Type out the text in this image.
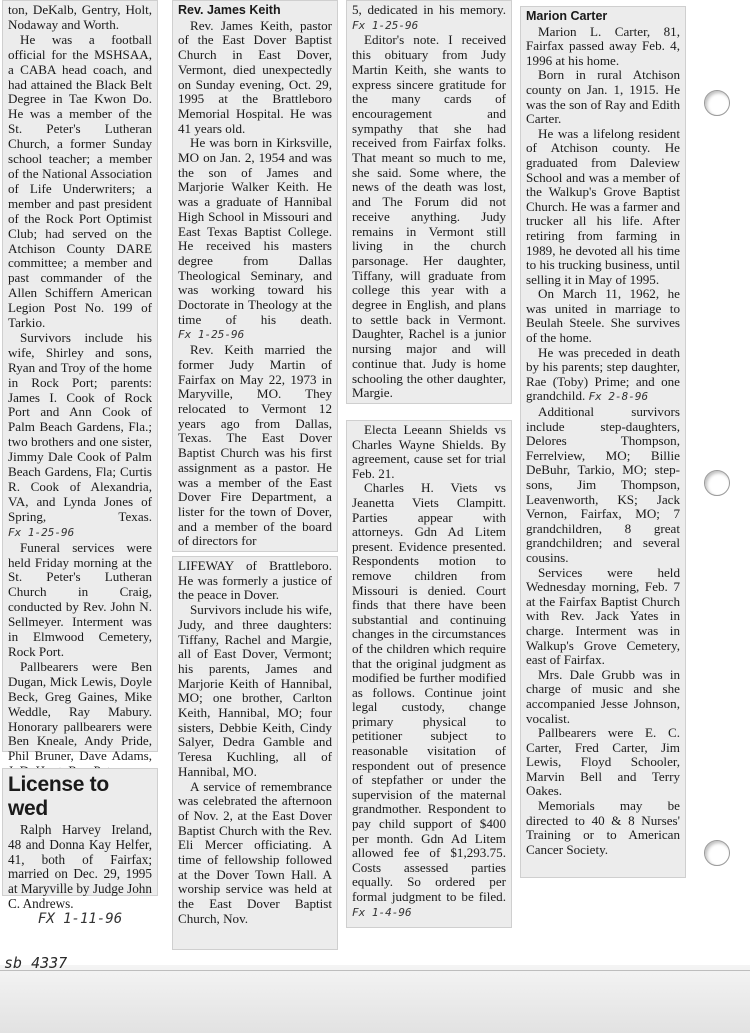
ton, DeKalb, Gentry, Holt, Nodaway and Worth.

He was a football official for the MSHSAA, a CABA head coach, and had attained the Black Belt Degree in Tae Kwon Do. He was a member of the St. Peter's Lutheran Church, a former Sunday school teacher; a member of the National Association of Life Underwriters; a member and past president of the Rock Port Optimist Club; had served on the Atchison County DARE committee; a member and past commander of the Allen Schiffern American Legion Post No. 199 of Tarkio.

Survivors include his wife, Shirley and sons, Ryan and Troy of the home in Rock Port; parents: James I. Cook of Rock Port and Ann Cook of Palm Beach Gardens, Fla.; two brothers and one sister, Jimmy Dale Cook of Palm Beach Gardens, Fla; Curtis R. Cook of Alexandria, VA, and Lynda Jones of Spring, Texas. Fx 1-25-96

Funeral services were held Friday morning at the St. Peter's Lutheran Church in Craig, conducted by Rev. John N. Sellmeyer. Interment was in Elmwood Cemetery, Rock Port.

Pallbearers were Ben Dugan, Mick Lewis, Doyle Beck, Greg Gaines, Mike Weddle, Ray Mabury. Honorary pallbearers were Ben Kneale, Andy Pride, Phil Bruner, Dave Adams,

License to wed

Ralph Harvey Ireland, 48 and Donna Kay Helfer, 41, both of Fairfax; married on Dec. 29, 1995 at Maryville by Judge John C. Andrews.

FX 1-11-96

Rev. James Keith

Rev. James Keith, pastor of the East Dover Baptist Church in East Dover, Vermont, died unexpectedly on Sunday evening, Oct. 29, 1995 at the Brattleboro Memorial Hospital. He was 41 years old.

He was born in Kirksville, MO on Jan. 2, 1954 and was the son of James and Marjorie Walker Keith. He was a graduate of Hannibal High School in Missouri and East Texas Baptist College. He received his masters degree from Dallas Theological Seminary, and was working toward his Doctorate in Theology at the time of his death. Fx 1-25-96

Rev. Keith married the former Judy Martin of Fairfax on May 22, 1973 in Maryville, MO. They relocated to Vermont 12 years ago from Dallas, Texas. The East Dover Baptist Church was his first assignment as a pastor. He was a member of the East Dover Fire Department, a lister for the town of Dover, and a member of the board of directors for

LIFEWAY of Brattleboro. He was formerly a justice of the peace in Dover.

Survivors include his wife, Judy, and three daughters: Tiffany, Rachel and Margie, all of East Dover, Vermont; his parents, James and Marjorie Keith of Hannibal, MO; one brother, Carlton Keith, Hannibal, MO; four sisters, Debbie Keith, Cindy Salyer, Dedra Gamble and Teresa Kuchling, all of Hannibal, MO.

A service of remembrance was celebrated the afternoon of Nov. 2, at the East Dover Baptist Church with the Rev. Eli Mercer officiating. A time of fellowship followed at the Dover Town Hall. A worship service was held at the East Dover Baptist Church, Nov.

5, dedicated in his memory. Fx 1-25-96

Editor's note. I received this obituary from Judy Martin Keith, she wants to express sincere gratitude for the many cards of encouragement and sympathy that she had received from Fairfax folks. That meant so much to me, she said. Some where, the news of the death was lost, and The Forum did not receive anything. Judy remains in Vermont still living in the church parsonage. Her daughter, Tiffany, will graduate from college this year with a degree in English, and plans to settle back in Vermont. Daughter, Rachel is a junior nursing major and will continue that. Judy is home schooling the other daughter, Margie.

Electa Leeann Shields vs Charles Wayne Shields. By agreement, cause set for trial Feb. 21.

Charles H. Viets vs Jeanetta Viets Clampitt. Parties appear with attorneys. Gdn Ad Litem present. Evidence presented. Respondents motion to remove children from Missouri is denied. Court finds that there have been substantial and continuing changes in the circumstances of the children which require that the original judgment as modified be further modified as follows. Continue joint legal custody, change primary physical to petitioner subject to reasonable visitation of respondent out of presence of stepfather or under the supervision of the maternal grandmother. Respondent to pay child support of $400 per month. Gdn Ad Litem allowed fee of $1,293.75. Costs assessed parties equally. So ordered per formal judgment to be filed. Fx 1-4-96

Marion Carter

Marion L. Carter, 81, Fairfax passed away Feb. 4, 1996 at his home.

Born in rural Atchison county on Jan. 1, 1915. He was the son of Ray and Edith Carter.

He was a lifelong resident of Atchison county. He graduated from Daleview School and was a member of the Walkup's Grove Baptist Church. He was a farmer and trucker all his life. After retiring from farming in 1989, he devoted all his time to his trucking business, until selling it in May of 1995.

On March 11, 1962, he was united in marriage to Beulah Steele. She survives of the home.

He was preceded in death by his parents; step daughter, Rae (Toby) Prime; and one grandchild. Fx 2-8-96

Additional survivors include step-daughters, Delores Thompson, Ferrelview, MO; Billie DeBuhr, Tarkio, MO; step-sons, Jim Thompson, Leavenworth, KS; Jack Vernon, Fairfax, MO; 7 grandchildren, 8 great grandchildren; and several cousins.

Services were held Wednesday morning, Feb. 7 at the Fairfax Baptist Church with Rev. Jack Yates in charge. Interment was in Walkup's Grove Cemetery, east of Fairfax.

Mrs. Dale Grubb was in charge of music and she accompanied Jesse Johnson, vocalist.

Pallbearers were E. C. Carter, Fred Carter, Jim Lewis, Floyd Schooler, Marvin Bell and Terry Oakes.

Memorials may be directed to 40 & 8 Nurses' Training or to American Cancer Society.

sb 4337
